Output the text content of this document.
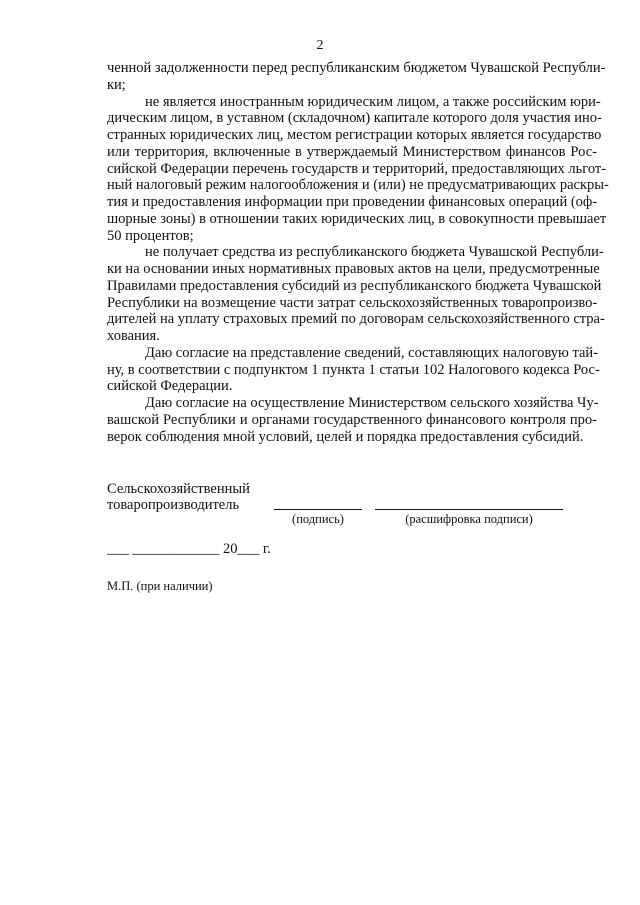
2
ченной задолженности перед республиканским бюджетом Чувашской Республи-
ки;
не является иностранным юридическим лицом, а также российским юри-
дическим лицом, в уставном (складочном) капитале которого доля участия ино-
странных юридических лиц, местом регистрации которых является государство
или территория, включенные в утверждаемый Министерством финансов Рос-
сийской Федерации перечень государств и территорий, предоставляющих льгот-
ный налоговый режим налогообложения и (или) не предусматривающих раскры-
тия и предоставления информации при проведении финансовых операций (оф-
шорные зоны) в отношении таких юридических лиц, в совокупности превышает
50 процентов;
не получает средства из республиканского бюджета Чувашской Республи-
ки на основании иных нормативных правовых актов на цели, предусмотренные
Правилами предоставления субсидий из республиканского бюджета Чувашской
Республики на возмещение части затрат сельскохозяйственных товаропроизво-
дителей на уплату страховых премий по договорам сельскохозяйственного стра-
хования.
Даю согласие на представление сведений, составляющих налоговую тай-
ну, в соответствии с подпунктом 1 пункта 1 статьи 102 Налогового кодекса Рос-
сийской Федерации.
Даю согласие на осуществление Министерством сельского хозяйства Чу-
вашской Республики и органами государственного финансового контроля про-
верок соблюдения мной условий, целей и порядка предоставления субсидий.
Сельскохозяйственный
товаропроизводитель
(подпись)	(расшифровка подписи)
___ ____________ 20___ г.
М.П. (при наличии)
